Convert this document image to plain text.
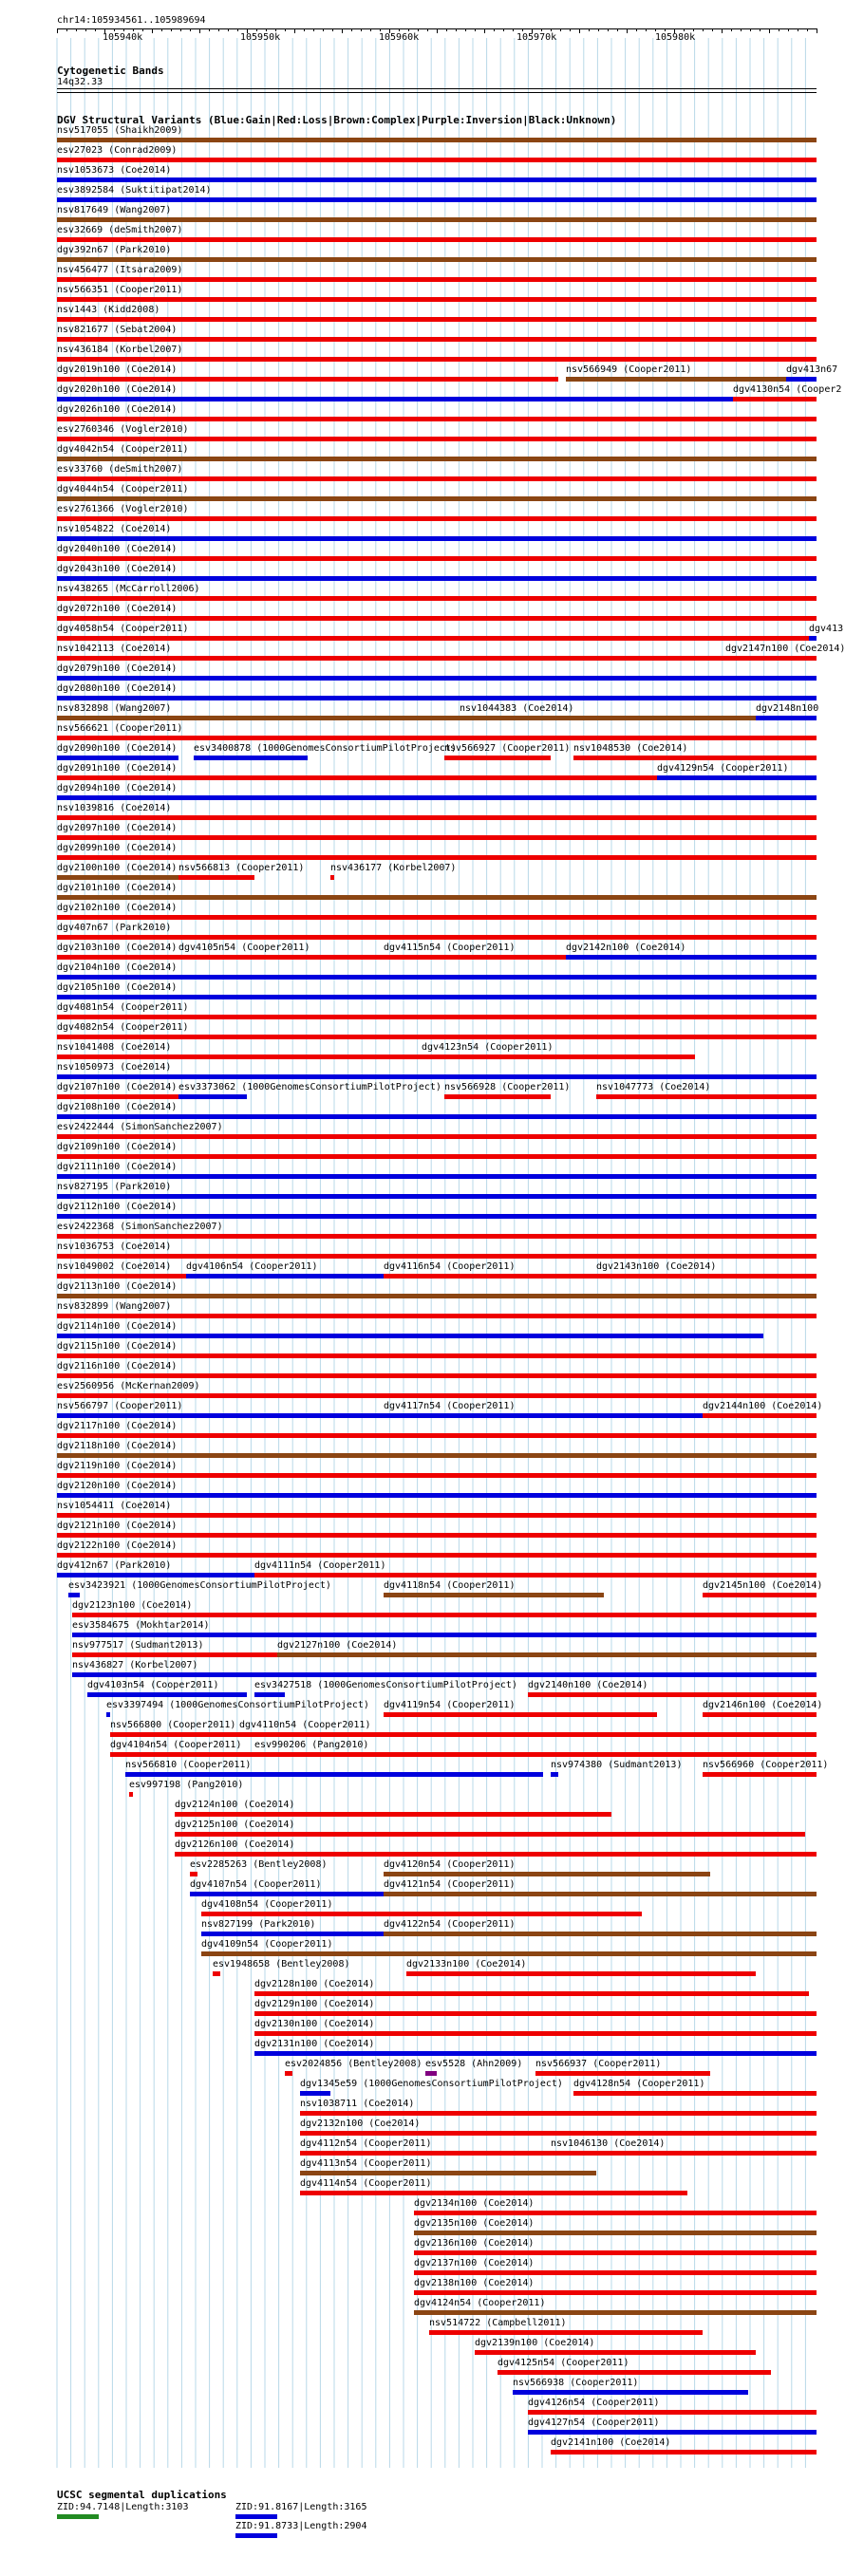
chr14:105934561..105989694
105940k	105950k	105960k	105970k	105980k
Cytogenetic Bands
14q32.33
DGV Structural Variants (Blue:Gain|Red:Loss|Brown:Complex|Purple:Inversion|Black:Unknown)
nsv517055 (Shaikh2009)
esv27023 (Conrad2009)
nsv1053673 (Coe2014)
esv3892584 (Suktitipat2014)
nsv817649 (Wang2007)
esv32669 (deSmith2007)
dgv392n67 (Park2010)
nsv456477 (Itsara2009)
nsv566351 (Cooper2011)
nsv1443 (Kidd2008)
nsv821677 (Sebat2004)
nsv436184 (Korbel2007)
dgv2019n100 (Coe2014)	nsv566949 (Cooper2011)	dgv413n67
dgv2020n100 (Coe2014)	dgv4130n54 (Cooper2
dgv2026n100 (Coe2014)
esv2760346 (Vogler2010)
dgv4042n54 (Cooper2011)
esv33760 (deSmith2007)
dgv4044n54 (Cooper2011)
esv2761366 (Vogler2010)
nsv1054822 (Coe2014)
dgv2040n100 (Coe2014)
dgv2043n100 (Coe2014)
nsv438265 (McCarroll2006)
dgv2072n100 (Coe2014)
dgv4058n54 (Cooper2011)	dgv413
nsv1042113 (Coe2014)	dgv2147n100 (Coe2014)
dgv2079n100 (Coe2014)
dgv2080n100 (Coe2014)
nsv832898 (Wang2007)	nsv1044383 (Coe2014)	dgv2148n100
nsv566621 (Cooper2011)
dgv2090n100 (Coe2014) esv3400878 (1000GenomesConsortiumPilotProject)
nsv566927 (Cooper2011) nsv1048530 (Coe2014)
dgv2091n100 (Coe2014)	dgv4129n54 (Cooper2011)
dgv2094n100 (Coe2014)
nsv1039816 (Coe2014)
dgv2097n100 (Coe2014)
dgv2099n100 (Coe2014)
dgv2100n100 (Coe2014) nsv566813 (Cooper2011)	nsv436177 (Korbel2007)
dgv2101n100 (Coe2014)
dgv2102n100 (Coe2014)
dgv407n67 (Park2010)
dgv2103n100 (Coe2014) dgv4105n54 (Cooper2011)	dgv4115n54 (Cooper2011)	dgv2142n100 (Coe2014)
dgv2104n100 (Coe2014)
dgv2105n100 (Coe2014)
dgv4081n54 (Cooper2011)
dgv4082n54 (Cooper2011)
nsv1041408 (Coe2014)	dgv4123n54 (Cooper2011)
nsv1050973 (Coe2014)
dgv2107n100 (Coe2014) esv3373062 (1000GenomesConsortiumPilotProject) nsv566928 (Cooper2011)	nsv1047773 (Coe2014)
dgv2108n100 (Coe2014)
esv2422444 (SimonSanchez2007)
dgv2109n100 (Coe2014)
dgv2111n100 (Coe2014)
nsv827195 (Park2010)
dgv2112n100 (Coe2014)
esv2422368 (SimonSanchez2007)
nsv1036753 (Coe2014)
nsv1049002 (Coe2014) dgv4106n54 (Cooper2011)	dgv4116n54 (Cooper2011)	dgv2143n100 (Coe2014)
dgv2113n100 (Coe2014)
nsv832899 (Wang2007)
dgv2114n100 (Coe2014)
dgv2115n100 (Coe2014)
dgv2116n100 (Coe2014)
esv2560956 (McKernan2009)
nsv566797 (Cooper2011)	dgv4117n54 (Cooper2011)	dgv2144n100 (Coe2014)
dgv2117n100 (Coe2014)
dgv2118n100 (Coe2014)
dgv2119n100 (Coe2014)
dgv2120n100 (Coe2014)
nsv1054411 (Coe2014)
dgv2121n100 (Coe2014)
dgv2122n100 (Coe2014)
dgv412n67 (Park2010)	dgv4111n54 (Cooper2011)
esv3423921 (1000GenomesConsortiumPilotProject)	dgv4118n54 (Cooper2011)	dgv2145n100 (Coe2014)
dgv2123n100 (Coe2014)
esv3584675 (Mokhtar2014)
nsv977517 (Sudmant2013)	dgv2127n100 (Coe2014)
nsv436827 (Korbel2007)
dgv4103n54 (Cooper2011)	esv3427518 (1000GenomesConsortiumPilotProject) dgv2140n100 (Coe2014)
esv3397494 (1000GenomesConsortiumPilotProject) dgv4119n54 (Cooper2011)	dgv2146n100 (Coe2014)
nsv566800 (Cooper2011) dgv4110n54 (Cooper2011)
dgv4104n54 (Cooper2011) esv990206 (Pang2010)
nsv566810 (Cooper2011)	nsv974380 (Sudmant2013) nsv566960 (Cooper2011)
esv997198 (Pang2010)
dgv2124n100 (Coe2014)
dgv2125n100 (Coe2014)
dgv2126n100 (Coe2014)
esv2285263 (Bentley2008)	dgv4120n54 (Cooper2011)
dgv4107n54 (Cooper2011)	dgv4121n54 (Cooper2011)
dgv4108n54 (Cooper2011)
nsv827199 (Park2010)	dgv4122n54 (Cooper2011)
dgv4109n54 (Cooper2011)
esv1948658 (Bentley2008)	dgv2133n100 (Coe2014)
dgv2128n100 (Coe2014)
dgv2129n100 (Coe2014)
dgv2130n100 (Coe2014)
dgv2131n100 (Coe2014)
esv2024856 (Bentley2008) esv5528 (Ahn2009) nsv566937 (Cooper2011)
dgv1345e59 (1000GenomesConsortiumPilotProject) dgv4128n54 (Cooper2011)
nsv1038711 (Coe2014)
dgv2132n100 (Coe2014)
dgv4112n54 (Cooper2011)	nsv1046130 (Coe2014)
dgv4113n54 (Cooper2011)
dgv4114n54 (Cooper2011)
dgv2134n100 (Coe2014)
dgv2135n100 (Coe2014)
dgv2136n100 (Coe2014)
dgv2137n100 (Coe2014)
dgv2138n100 (Coe2014)
dgv4124n54 (Cooper2011)
nsv514722 (Campbell2011)
dgv2139n100 (Coe2014)
dgv4125n54 (Cooper2011)
nsv566938 (Cooper2011)
dgv4126n54 (Cooper2011)
dgv4127n54 (Cooper2011)
dgv2141n100 (Coe2014)
UCSC segmental duplications
ZID:94.7148|Length:3103	ZID:91.8167|Length:3165
ZID:91.8733|Length:2904
